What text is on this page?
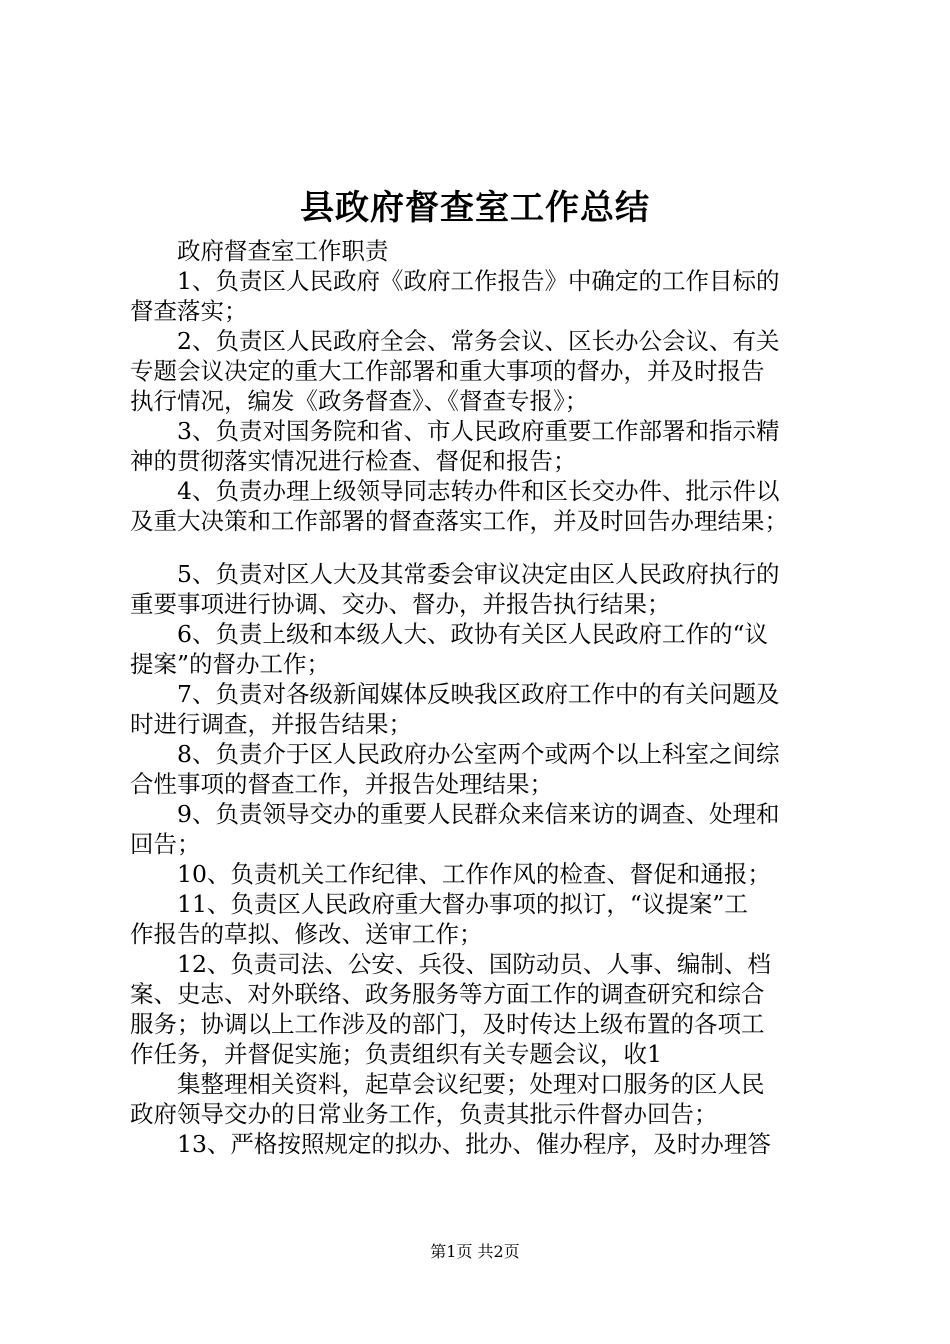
县政府督查室工作总结
政府督查室工作职责
1、负责区人民政府《政府工作报告》中确定的工作目标的
督查落实；
2、负责区人民政府全会、常务会议、区长办公会议、有关
专题会议决定的重大工作部署和重大事项的督办，并及时报告
执行情况，编发《政务督查》、《督查专报》；
3、负责对国务院和省、市人民政府重要工作部署和指示精
神的贯彻落实情况进行检查、督促和报告；
4、负责办理上级领导同志转办件和区长交办件、批示件以
及重大决策和工作部署的督查落实工作，并及时回告办理结果；
5、负责对区人大及其常委会审议决定由区人民政府执行的
重要事项进行协调、交办、督办，并报告执行结果；
6、负责上级和本级人大、政协有关区人民政府工作的“议
提案”的督办工作；
7、负责对各级新闻媒体反映我区政府工作中的有关问题及
时进行调查，并报告结果；
8、负责介于区人民政府办公室两个或两个以上科室之间综
合性事项的督查工作，并报告处理结果；
9、负责领导交办的重要人民群众来信来访的调查、处理和
回告；
10、负责机关工作纪律、工作作风的检查、督促和通报；
11、负责区人民政府重大督办事项的拟订，“议提案”工
作报告的草拟、修改、送审工作；
12、负责司法、公安、兵役、国防动员、人事、编制、档
案、史志、对外联络、政务服务等方面工作的调查研究和综合
服务；协调以上工作涉及的部门，及时传达上级布置的各项工
作任务，并督促实施；负责组织有关专题会议，收1
集整理相关资料，起草会议纪要；处理对口服务的区人民
政府领导交办的日常业务工作，负责其批示件督办回告；
13、严格按照规定的拟办、批办、催办程序，及时办理答
第1页 共2页
